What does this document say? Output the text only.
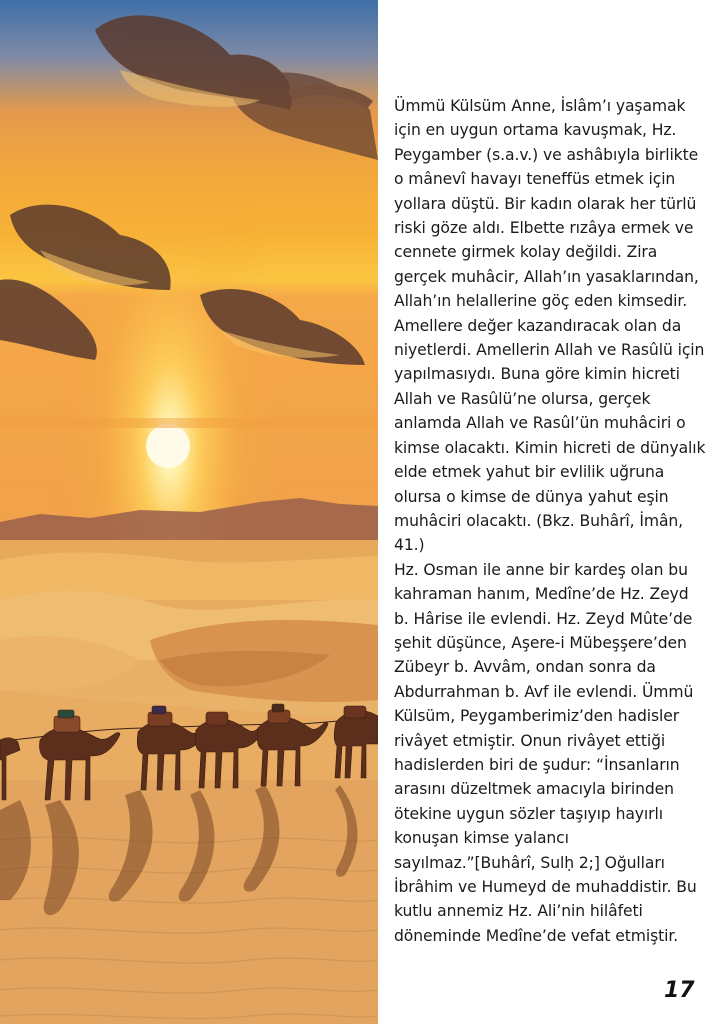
Ümmü Külsüm Anne, İslâm’ı yaşamak
için en uygun ortama kavuşmak, Hz.
Peygamber (s.a.v.) ve ashâbıyla birlikte
o mânevî havayı teneffüs etmek için
yollara düştü. Bir kadın olarak her türlü
riski göze aldı. Elbette rızâya ermek ve
cennete girmek kolay değildi. Zira
gerçek muhâcir, Allah’ın yasaklarından,
Allah’ın helallerine göç eden kimsedir.
Amellere değer kazandıracak olan da
niyetlerdi. Amellerin Allah ve Rasûlü için
yapılmasıydı. Buna göre kimin hicreti
Allah ve Rasûlü’ne olursa, gerçek
anlamda Allah ve Rasûl’ün muhâciri o
kimse olacaktı. Kimin hicreti de dünyalık
elde etmek yahut bir evlilik uğruna
olursa o kimse de dünya yahut eşin
muhâciri olacaktı. (Bkz. Buhârî, İmân,
41.)

Hz. Osman ile anne bir kardeş olan bu
kahraman hanım, Medîne’de Hz. Zeyd
b. Hârise ile evlendi. Hz. Zeyd Mûte’de
şehit düşünce, Aşere-i Mübeşşere’den
Zübeyr b. Avvâm, ondan sonra da
Abdurrahman b. Avf ile evlendi. Ümmü
Külsüm, Peygamberimiz’den hadisler
rivâyet etmiştir. Onun rivâyet ettiği
hadislerden biri de şudur: “İnsanların
arasını düzeltmek amacıyla birinden
ötekine uygun sözler taşıyıp hayırlı
konuşan kimse yalancı
sayılmaz.”[Buhârî, Sulḥ 2;] Oğulları
İbrâhim ve Humeyd de muhaddistir. Bu
kutlu annemiz Hz. Ali’nin hilâfeti
döneminde Medîne’de vefat etmiştir.

17
